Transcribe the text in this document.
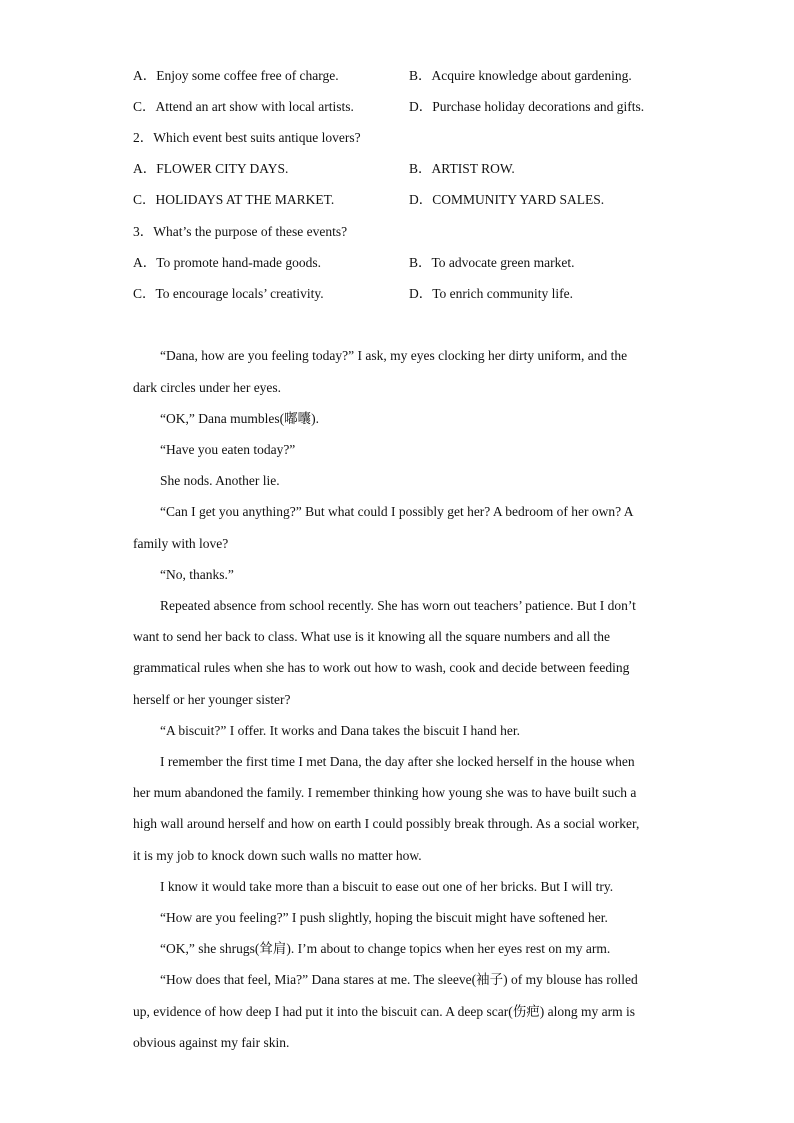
A．Enjoy some coffee free of charge.	B．Acquire knowledge about gardening.
C．Attend an art show with local artists.	D．Purchase holiday decorations and gifts.
2．Which event best suits antique lovers?
A．FLOWER CITY DAYS.	B．ARTIST ROW.
C．HOLIDAYS AT THE MARKET.	D．COMMUNITY YARD SALES.
3．What’s the purpose of these events?
A．To promote hand-made goods.	B．To advocate green market.
C．To encourage locals’ creativity.	D．To enrich community life.
“Dana, how are you feeling today?” I ask, my eyes clocking her dirty uniform, and the
dark circles under her eyes.
“OK,” Dana mumbles(嘟囔).
“Have you eaten today?”
She nods. Another lie.
“Can I get you anything?” But what could I possibly get her? A bedroom of her own? A
family with love?
“No, thanks.”
Repeated absence from school recently. She has worn out teachers’ patience. But I don’t
want to send her back to class. What use is it knowing all the square numbers and all the
grammatical rules when she has to work out how to wash, cook and decide between feeding
herself or her younger sister?
“A biscuit?” I offer. It works and Dana takes the biscuit I hand her.
I remember the first time I met Dana, the day after she locked herself in the house when
her mum abandoned the family. I remember thinking how young she was to have built such a
high wall around herself and how on earth I could possibly break through. As a social worker,
it is my job to knock down such walls no matter how.
I know it would take more than a biscuit to ease out one of her bricks. But I will try.
“How are you feeling?” I push slightly, hoping the biscuit might have softened her.
“OK,” she shrugs(耸肩). I’m about to change topics when her eyes rest on my arm.
“How does that feel, Mia?” Dana stares at me. The sleeve(袖子) of my blouse has rolled
up, evidence of how deep I had put it into the biscuit can. A deep scar(伤疤) along my arm is
obvious against my fair skin.
